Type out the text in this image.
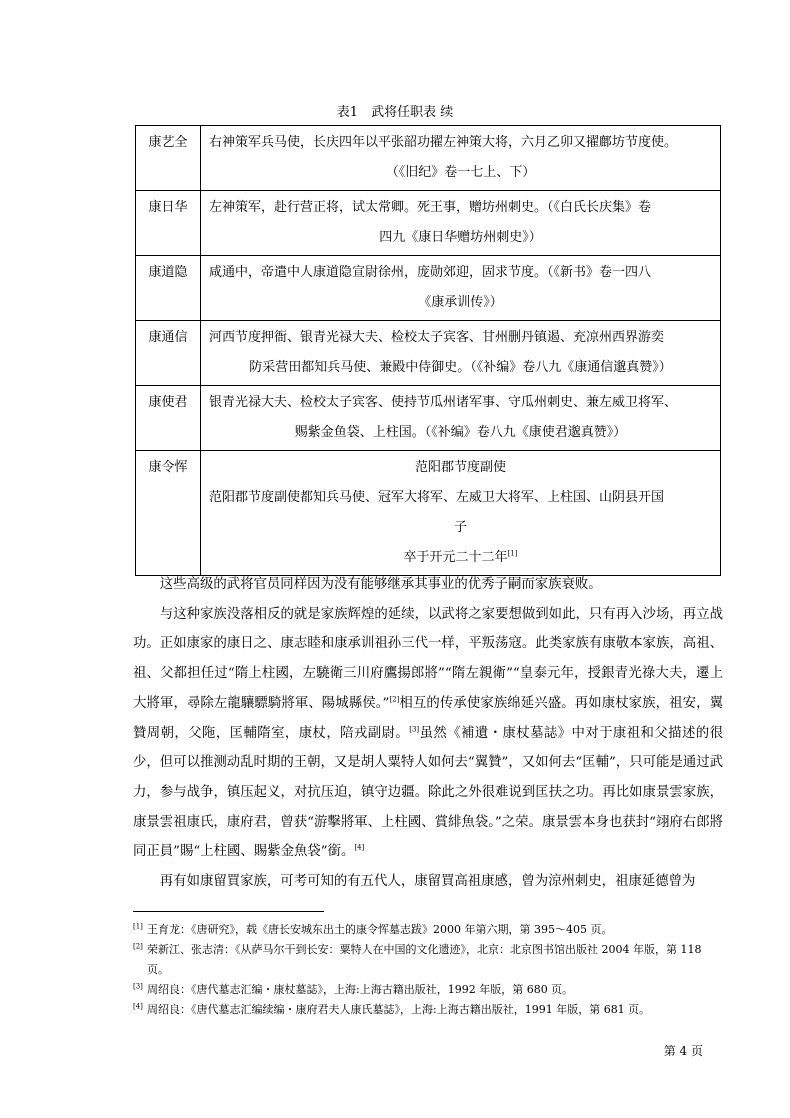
表1　武将任职表 续
康艺全	右神策军兵马使，长庆四年以平张韶功擢左神策大将，六月乙卯又擢鄜坊节度使。
（《旧纪》卷一七上、下）

康日华	左神策军，赴行营正将，试太常卿。死王事，赠坊州刺史。（《白氏长庆集》卷
四九《康日华赠坊州刺史》）

康道隐	咸通中，帝遣中人康道隐宣尉徐州，庞勋郊迎，固求节度。（《新书》卷一四八
《康承训传》）

康通信	河西节度押衙、银青光禄大夫、检校太子宾客、甘州删丹镇遏、充凉州西界游奕
防采营田都知兵马使、兼殿中侍御史。（《补编》卷八九《康通信邈真赞》）

康使君	银青光禄大夫、检校太子宾客、使持节瓜州诸军事、守瓜州刺史、兼左威卫将军、
赐紫金鱼袋、上柱国。（《补编》卷八九《康使君邈真赞》）

康令恽	范阳郡节度副使
范阳郡节度副使都知兵马使、冠军大将军、左威卫大将军、上柱国、山阴县开国
子
卒于开元二十二年[1]

这些高级的武将官员同样因为没有能够继承其事业的优秀子嗣而家族衰败。

与这种家族没落相反的就是家族辉煌的延续，以武将之家要想做到如此，只有再入沙场，再立战功。正如康家的康日之、康志睦和康承训祖孙三代一样，平叛荡寇。此类家族有康敬本家族，高祖、祖、父都担任过“隋上柱國，左驍衛三川府鷹揚郎將”“隋左親衛”“皇泰元年，授銀青光祿大夫，遷上大將軍，尋除左龍驤驃騎將軍、陽城縣侯。”[2]相互的传承使家族绵延兴盛。再如康杖家族，祖安，翼贊周朝，父陁，匡輔隋室，康杖，陪戎副尉。[3]虽然《補遺・康杖墓誌》中对于康祖和父描述的很少，但可以推测动乱时期的王朝，又是胡人粟特人如何去“翼贊”，又如何去“匡輔”，只可能是通过武力，参与战争，镇压起义，对抗压迫，镇守边疆。除此之外很难说到匡扶之功。再比如康景雲家族，康景雲祖康氏，康府君，曾获“游擊將軍、上柱國、賞緋魚袋。”之荣。康景雲本身也获封“翊府右郎將同正員”賜“上柱國、賜紫金魚袋”銜。[4]

再有如康留買家族，可考可知的有五代人，康留買高祖康感，曾为涼州刺史，祖康延德曾为

[1] 王育龙：《唐研究》，载《唐长安城东出土的康令恽墓志跋》2000 年第六期，第 395～405 页。
[2] 荣新江、张志清：《从萨马尔干到长安：粟特人在中国的文化遗迹》，北京：北京图书馆出版社 2004 年版，第 118 页。
[3] 周绍良：《唐代墓志汇编・康杖墓誌》，上海:上海古籍出版社，1992 年版，第 680 页。
[4] 周绍良：《唐代墓志汇编续编・康府君夫人康氏墓誌》，上海:上海古籍出版社，1991 年版，第 681 页。
第 4 页
